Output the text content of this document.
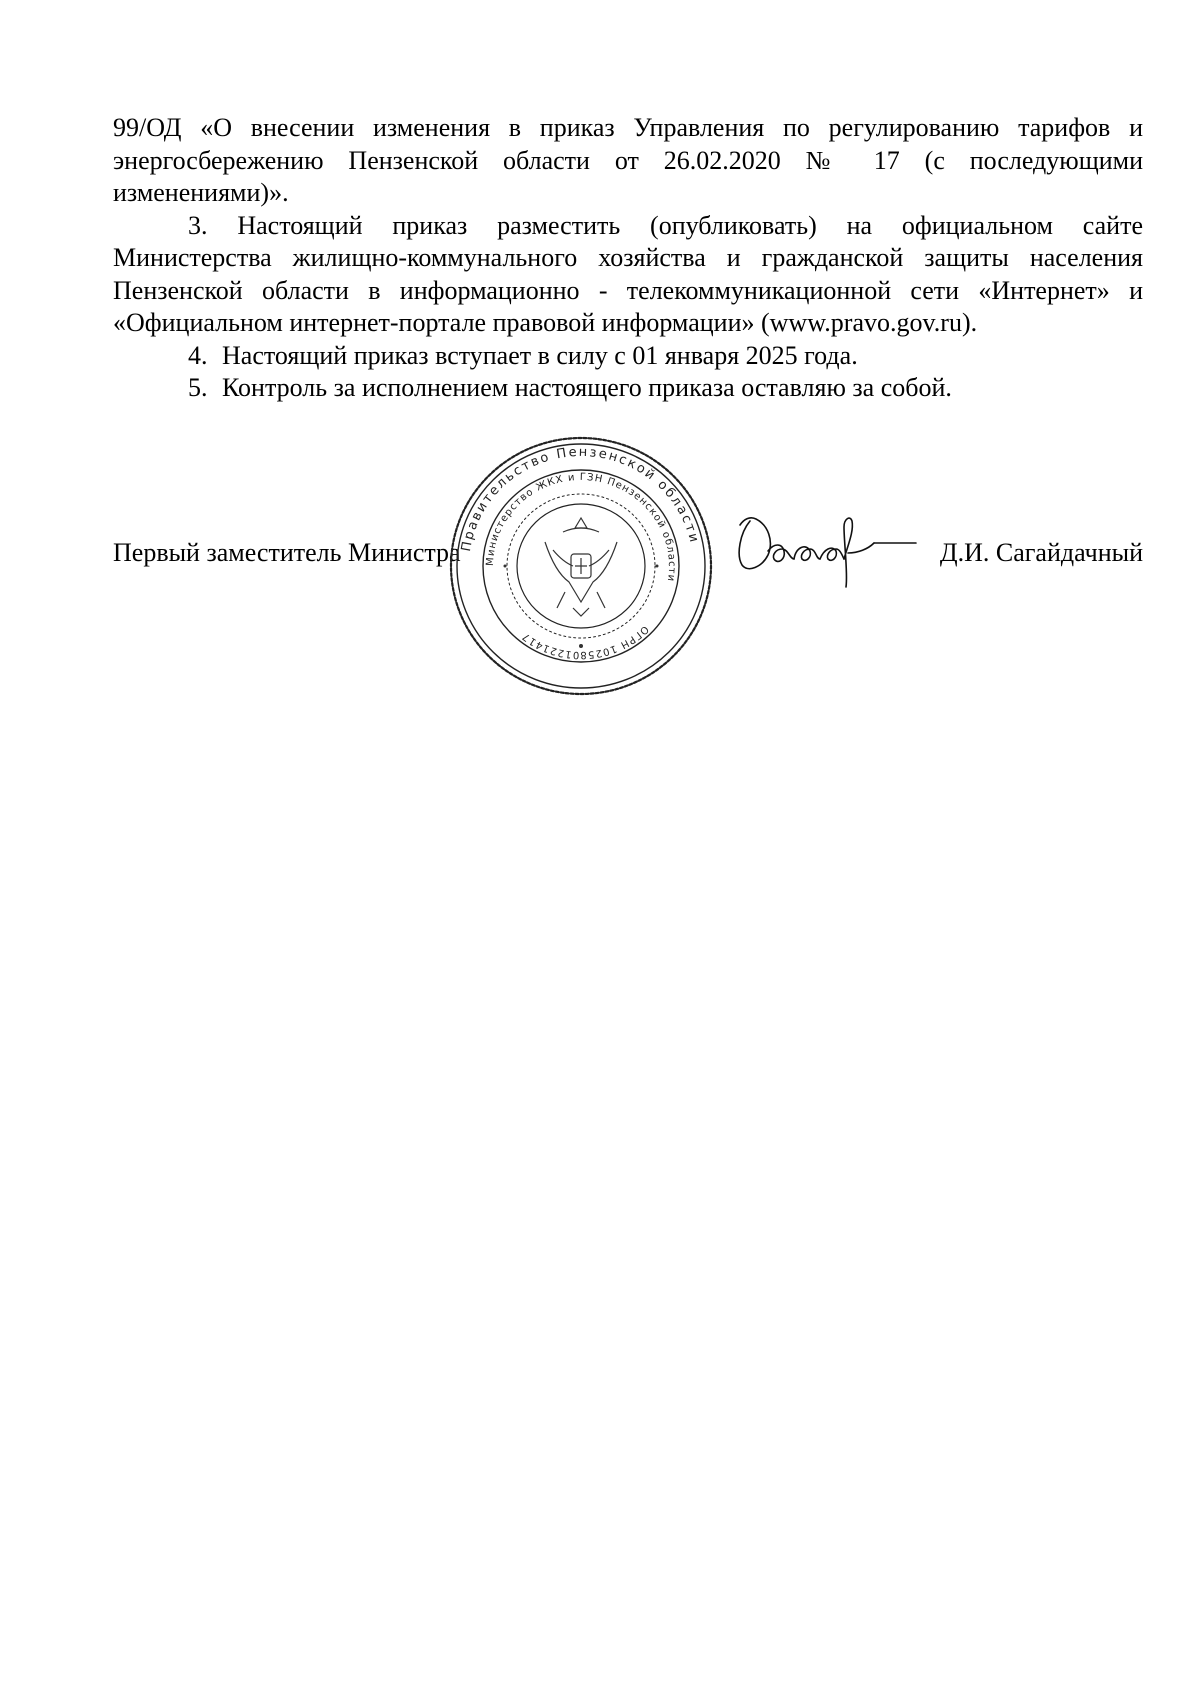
99/ОД «О внесении изменения в приказ Управления по регулированию тарифов и

энергосбережению Пензенской области от 26.02.2020 № 17 (с последующими

изменениями)».

3. Настоящий приказ разместить (опубликовать) на официальном сайте Министерства жилищно-коммунального хозяйства и гражданской защиты населения Пензенской области в информационно - телекоммуникационной сети «Интернет» и «Официальном интернет-портале правовой информации» (www.pravo.gov.ru).

4. Настоящий приказ вступает в силу с 01 января 2025 года.

5. Контроль за исполнением настоящего приказа оставляю за собой.

Первый заместитель Министра	Д.И. Сагайдачный
Правительство Пензенской области
Министерство ЖКХ и ГЗН Пензенской области
ОГРН 1025801221417
